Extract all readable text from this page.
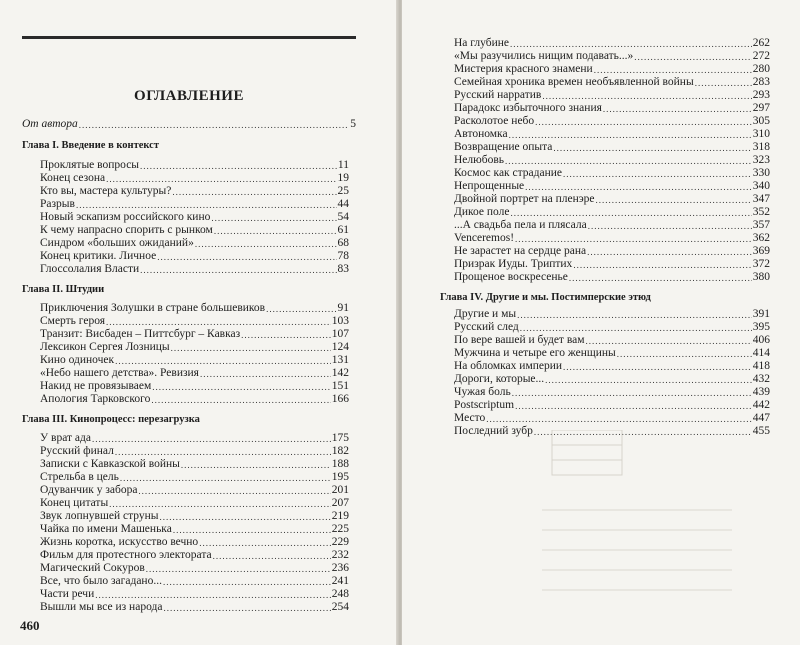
ОГЛАВЛЕНИЕ
От автора .....	5
Глава I. Введение в контекст
Проклятые вопросы .....	11
Конец сезона .....	19
Кто вы, мастера культуры? .....	25
Разрыв .....	44
Новый эскапизм российского кино .....	54
К чему напрасно спорить с рынком .....	61
Синдром «больших ожиданий» .....	68
Конец критики. Личное .....	78
Глоссолалия Власти .....	83
Глава II. Штудии
Приключения Золушки в стране большевиков .....	91
Смерть героя .....	103
Транзит: Висбаден – Питтсбург – Кавказ .....	107
Лексикон Сергея Лозницы .....	124
Кино одиночек .....	131
«Небо нашего детства». Ревизия .....	142
Накид не провязываем .....	151
Апология Тарковского .....	166
Глава III. Кинопроцесс: перезагрузка
У врат ада .....	175
Русский финал .....	182
Записки с Кавказской войны .....	188
Стрельба в цель .....	195
Одуванчик у забора .....	201
Конец цитаты .....	207
Звук лопнувшей струны .....	219
Чайка по имени Машенька .....	225
Жизнь коротка, искусство вечно .....	229
Фильм для протестного электората .....	232
Магический Сокуров .....	236
Все, что было загадано... .....	241
Части речи .....	248
Вышли мы все из народа .....	254
460
На глубине .....	262
«Мы разучились нищим подавать...» .....	272
Мистерия красного знамени .....	280
Семейная хроника времен необъявленной войны .....	283
Русский нарратив .....	293
Парадокс избыточного знания .....	297
Расколотое небо .....	305
Автономка .....	310
Возвращение опыта .....	318
Нелюбовь .....	323
Космос как страдание .....	330
Непрощенные .....	340
Двойной портрет на пленэре .....	347
Дикое поле .....	352
...А свадьба пела и плясала .....	357
Venceremos! .....	362
Не зарастет на сердце рана .....	369
Призрак Иуды. Триптих .....	372
Прощеное воскресенье .....	380
Глава IV. Другие и мы. Постимперские этюд
Другие и мы .....	391
Русский след .....	395
По вере вашей и будет вам .....	406
Мужчина и четыре его женщины .....	414
На обломках империи .....	418
Дороги, которые... .....	432
Чужая боль .....	439
Postscriptum .....	442
Место .....	447
Последний зубр .....	455
